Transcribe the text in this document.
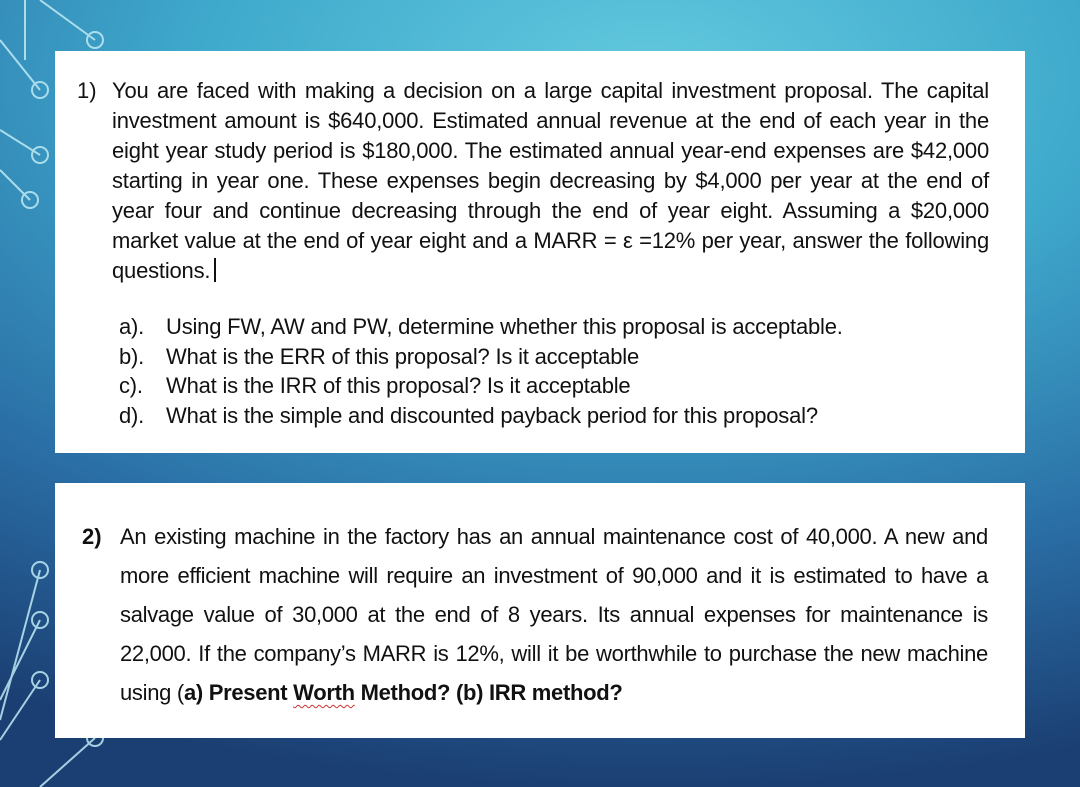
1) You are faced with making a decision on a large capital investment proposal. The capital investment amount is $640,000. Estimated annual revenue at the end of each year in the eight year study period is $180,000. The estimated annual year-end expenses are $42,000 starting in year one. These expenses begin decreasing by $4,000 per year at the end of year four and continue decreasing through the end of year eight. Assuming a $20,000 market value at the end of year eight and a MARR = ε =12% per year, answer the following questions.
a). Using FW, AW and PW, determine whether this proposal is acceptable.
b). What is the ERR of this proposal? Is it acceptable
c).	What is the IRR of this proposal? Is it acceptable
d). What is the simple and discounted payback period for this proposal?
2) An existing machine in the factory has an annual maintenance cost of 40,000. A new and more efficient machine will require an investment of 90,000 and it is estimated to have a salvage value of 30,000 at the end of 8 years. Its annual expenses for maintenance is 22,000. If the company’s MARR is 12%, will it be worthwhile to purchase the new machine using (a) Present Worth Method? (b) IRR method?
